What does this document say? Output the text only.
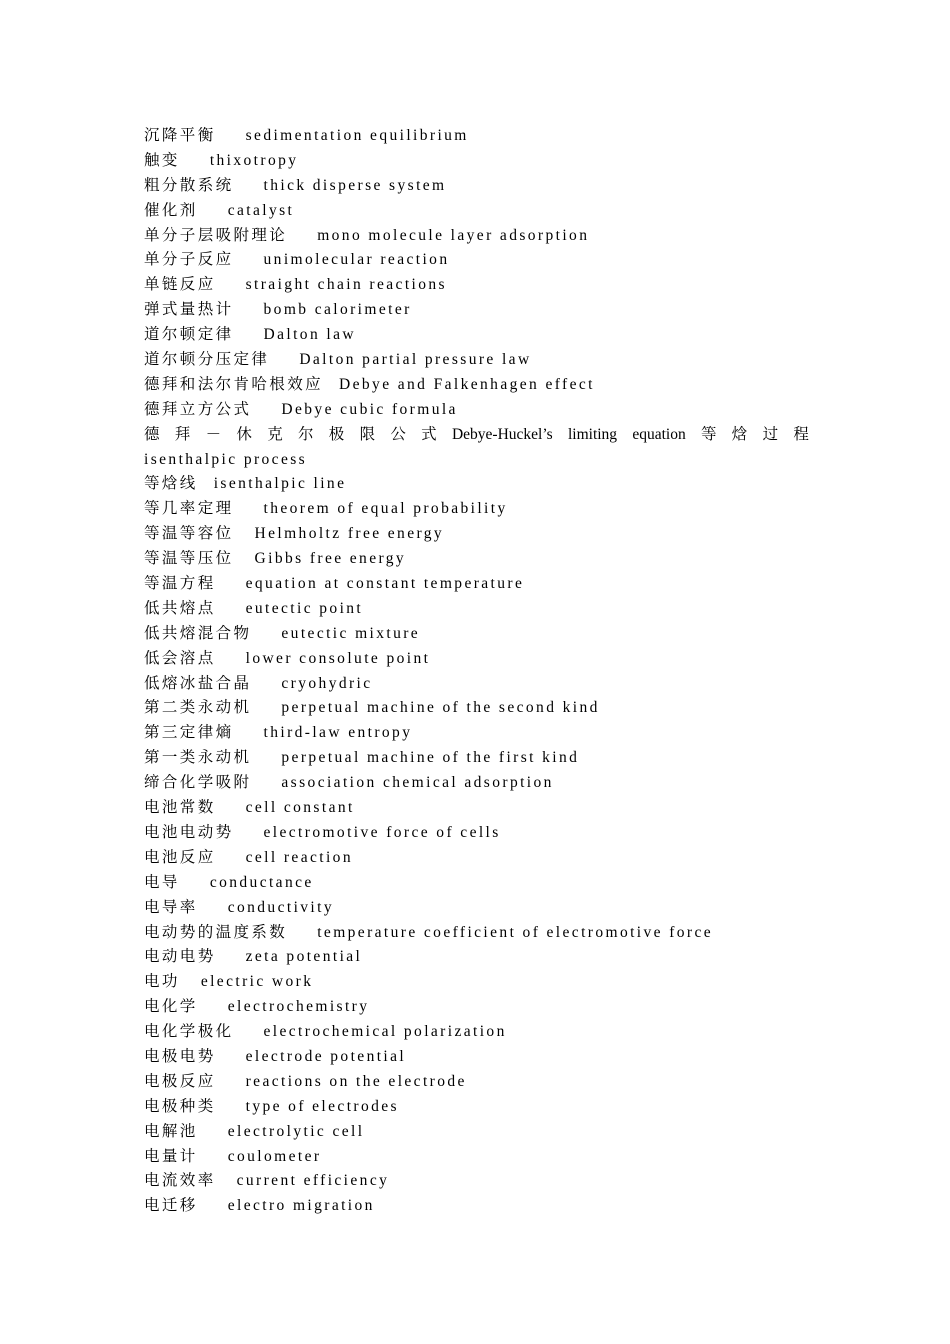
沉降平衡 sedimentation equilibrium
触变 thixotropy
粗分散系统 thick disperse system
催化剂 catalyst
单分子层吸附理论 mono molecule layer adsorption
单分子反应 unimolecular reaction
单链反应 straight chain reactions
弹式量热计 bomb calorimeter
道尔顿定律 Dalton law
道尔顿分压定律 Dalton partial pressure law
德拜和法尔肯哈根效应 Debye and Falkenhagen effect
德拜立方公式 Debye cubic formula
德 拜 － 休 克 尔 极 限 公 式 Debye-Huckel’s limiting equation 等 焓 过 程
isenthalpic process
等焓线 isenthalpic line
等几率定理 theorem of equal probability
等温等容位 Helmholtz free energy
等温等压位 Gibbs free energy
等温方程 equation at constant temperature
低共熔点 eutectic point
低共熔混合物 eutectic mixture
低会溶点 lower consolute point
低熔冰盐合晶 cryohydric
第二类永动机 perpetual machine of the second kind
第三定律熵 third-law entropy
第一类永动机 perpetual machine of the first kind
缔合化学吸附 association chemical adsorption
电池常数 cell constant
电池电动势 electromotive force of cells
电池反应 cell reaction
电导 conductance
电导率 conductivity
电动势的温度系数 temperature coefficient of electromotive force
电动电势 zeta potential
电功 electric work
电化学 electrochemistry
电化学极化 electrochemical polarization
电极电势 electrode potential
电极反应 reactions on the electrode
电极种类 type of electrodes
电解池 electrolytic cell
电量计 coulometer
电流效率 current efficiency
电迁移 electro migration
